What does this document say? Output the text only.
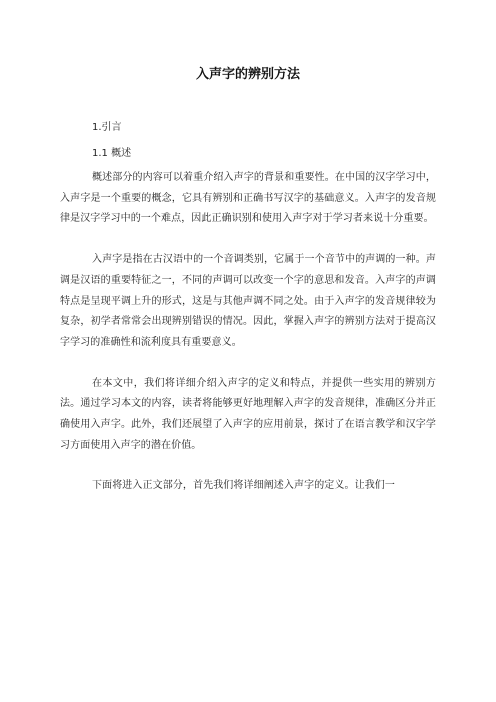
入声字的辨别方法
1.引言
1.1 概述

概述部分的内容可以着重介绍入声字的背景和重要性。在中国的汉字学习中，入声字是一个重要的概念，它具有辨别和正确书写汉字的基础意义。入声字的发音规律是汉字学习中的一个难点，因此正确识别和使用入声字对于学习者来说十分重要。

入声字是指在古汉语中的一个音调类别，它属于一个音节中的声调的一种。声调是汉语的重要特征之一，不同的声调可以改变一个字的意思和发音。入声字的声调特点是呈现平调上升的形式，这是与其他声调不同之处。由于入声字的发音规律较为复杂，初学者常常会出现辨别错误的情况。因此，掌握入声字的辨别方法对于提高汉字学习的准确性和流利度具有重要意义。

在本文中，我们将详细介绍入声字的定义和特点，并提供一些实用的辨别方法。通过学习本文的内容，读者将能够更好地理解入声字的发音规律，准确区分并正确使用入声字。此外，我们还展望了入声字的应用前景，探讨了在语言教学和汉字学习方面使用入声字的潜在价值。

下面将进入正文部分，首先我们将详细阐述入声字的定义。让我们一
